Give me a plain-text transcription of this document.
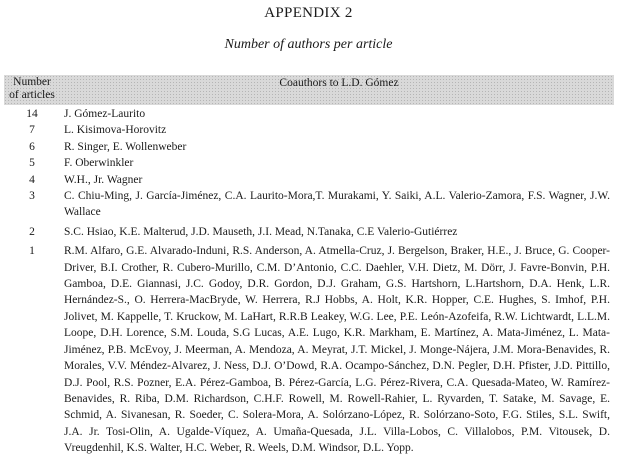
APPENDIX 2
Number of authors per article
Number
of articles
Coauthors to L.D. Gómez
14	J. Gómez-Laurito
7	L. Kisimova-Horovitz
6	R. Singer, E. Wollenweber
5	F. Oberwinkler
4	W.H., Jr. Wagner
3	C. Chiu-Ming, J. García-Jiménez, C.A. Laurito-Mora,T. Murakami, Y. Saiki, A.L. Valerio-Zamora, F.S. Wagner, J.W. Wallace
2	S.C. Hsiao, K.E. Malterud, J.D. Mauseth, J.I. Mead, N.Tanaka, C.E Valerio-Gutiérrez
1	R.M. Alfaro, G.E. Alvarado-Induni, R.S. Anderson, A. Atmella-Cruz, J. Bergelson, Braker, H.E., J. Bruce, G. Cooper-Driver, B.I. Crother, R. Cubero-Murillo, C.M. D’Antonio, C.C. Daehler, V.H. Dietz, M. Dörr, J. Favre-Bonvin, P.H. Gamboa, D.E. Giannasi, J.C. Godoy, D.R. Gordon, D.J. Graham, G.S. Hartshorn, L.Hartshorn, D.A. Henk, L.R. Hernández-S., O. Herrera-MacBryde, W. Herrera, R.J Hobbs, A. Holt, K.R. Hopper, C.E. Hughes, S. Imhof, P.H. Jolivet, M. Kappelle, T. Kruckow, M. LaHart, R.R.B Leakey, W.G. Lee, P.E. León-Azofeifa, R.W. Lichtwardt, L.L.M. Loope, D.H. Lorence, S.M. Louda, S.G Lucas, A.E. Lugo, K.R. Markham, E. Martínez, A. Mata-Jiménez, L. Mata-Jiménez, P.B. McEvoy, J. Meerman, A. Mendoza, A. Meyrat, J.T. Mickel, J. Monge-Nájera, J.M. Mora-Benavides, R. Morales, V.V. Méndez-Alvarez, J. Ness, D.J. O’Dowd, R.A. Ocampo-Sánchez, D.N. Pegler, D.H. Pfister, J.D. Pittillo, D.J. Pool, R.S. Pozner, E.A. Pérez-Gamboa, B. Pérez-García, L.G. Pérez-Rivera, C.A. Quesada-Mateo, W. Ramírez-Benavides, R. Riba, D.M. Richardson, C.H.F. Rowell, M. Rowell-Rahier, L. Ryvarden, T. Satake, M. Savage, E. Schmid, A. Sivanesan, R. Soeder, C. Solera-Mora, A. Solórzano-López, R. Solórzano-Soto, F.G. Stiles, S.L. Swift, J.A. Jr. Tosi-Olin, A. Ugalde-Víquez, A. Umaña-Quesada, J.L. Villa-Lobos, C. Villalobos, P.M. Vitousek, D. Vreugdenhil, K.S. Walter, H.C. Weber, R. Weels, D.M. Windsor, D.L. Yopp.
